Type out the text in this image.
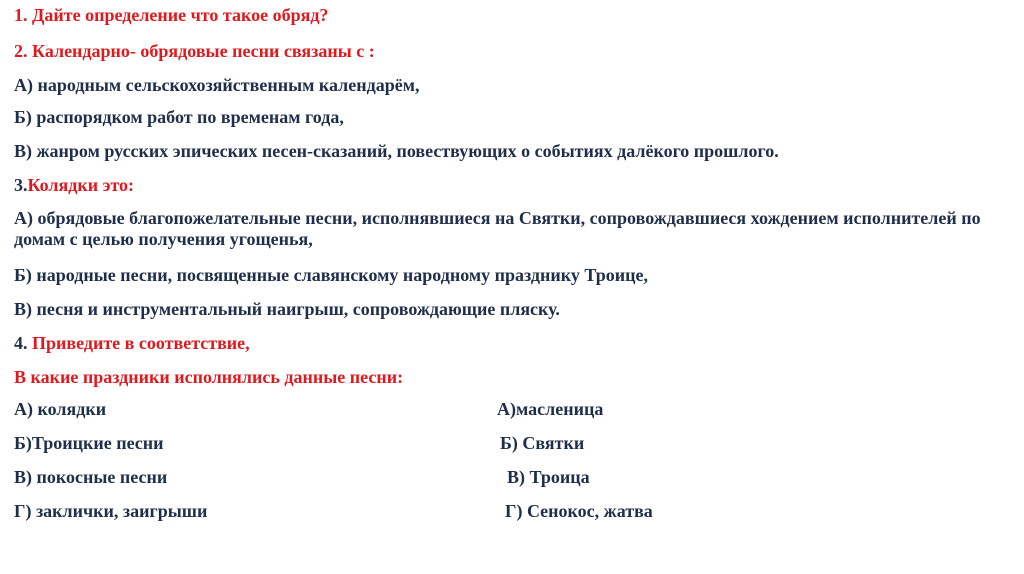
1. Дайте определение что такое обряд?
2. Календарно- обрядовые песни связаны с :
А) народным сельскохозяйственным календарём,
Б) распорядком работ по временам года,
В) жанром русских эпических песен-сказаний, повествующих о событиях далёкого прошлого.
3.Колядки это:
А) обрядовые благопожелательные песни, исполнявшиеся на Святки, сопровождавшиеся хождением исполнителей по домам с целью получения угощенья,
Б) народные песни, посвященные славянскому народному празднику Троице,
В) песня и инструментальный наигрыш, сопровождающие пляску.
4. Приведите в соответствие,
В какие праздники исполнялись данные песни:
А) колядки
Б)Троицкие песни
В) покосные песни
Г) заклички, заигрыши
А)масленица
Б) Святки
В) Троица
Г) Сенокос, жатва
